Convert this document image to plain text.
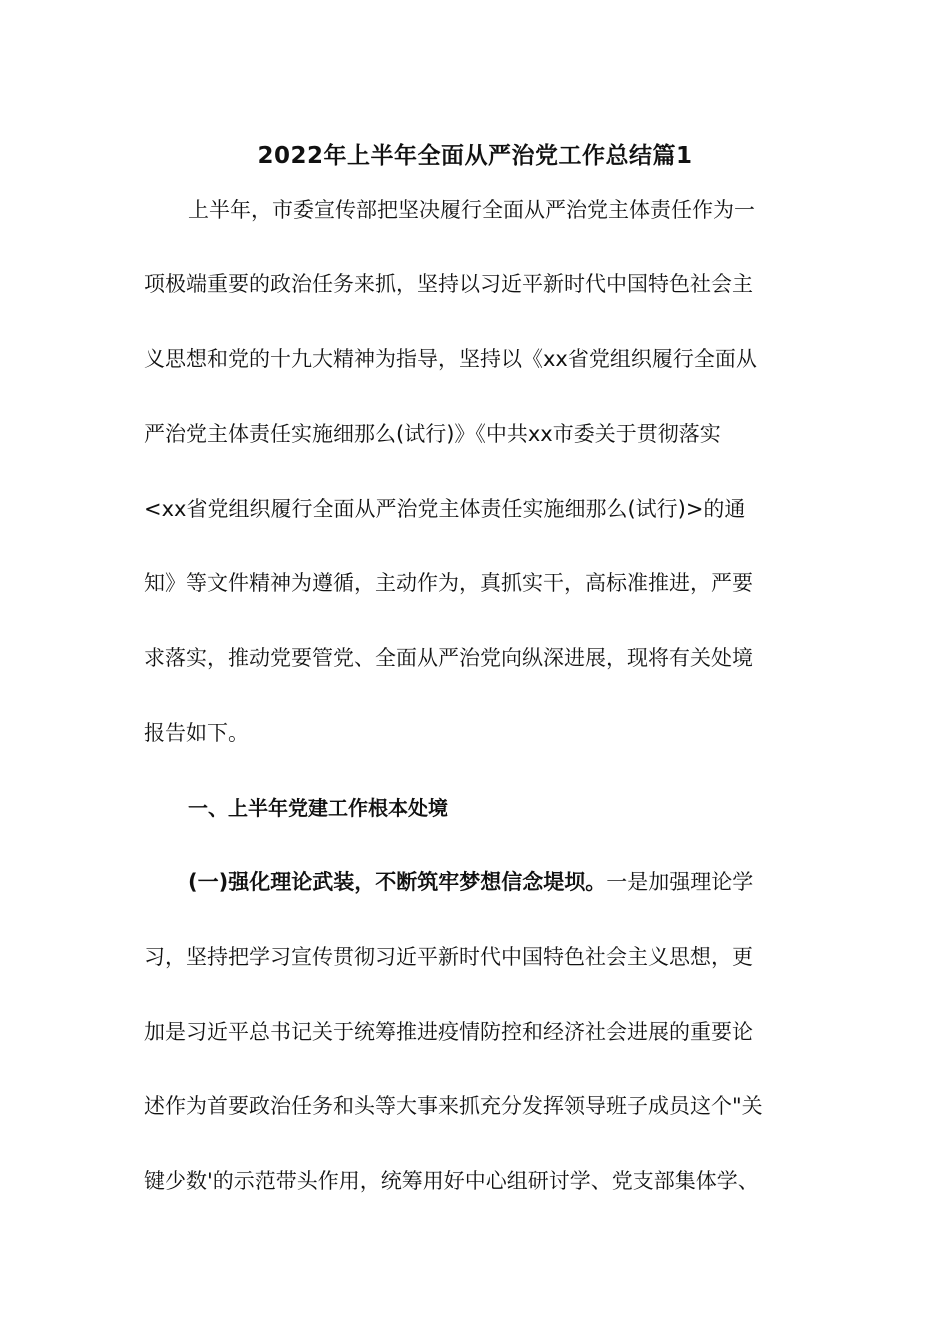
2022年上半年全面从严治党工作总结篇1
上半年，市委宣传部把坚决履行全面从严治党主体责任作为一
项极端重要的政治任务来抓，坚持以习近平新时代中国特色社会主
义思想和党的十九大精神为指导，坚持以《xx省党组织履行全面从
严治党主体责任实施细那么(试行)》《中共xx市委关于贯彻落实
<xx省党组织履行全面从严治党主体责任实施细那么(试行)>的通
知》等文件精神为遵循，主动作为，真抓实干，高标准推进，严要
求落实，推动党要管党、全面从严治党向纵深进展，现将有关处境
报告如下。
一、上半年党建工作根本处境
(一)强化理论武装，不断筑牢梦想信念堤坝。一是加强理论学
习，坚持把学习宣传贯彻习近平新时代中国特色社会主义思想，更
加是习近平总书记关于统筹推进疫情防控和经济社会进展的重要论
述作为首要政治任务和头等大事来抓充分发挥领导班子成员这个"关
键少数'的示范带头作用，统筹用好中心组研讨学、党支部集体学、
